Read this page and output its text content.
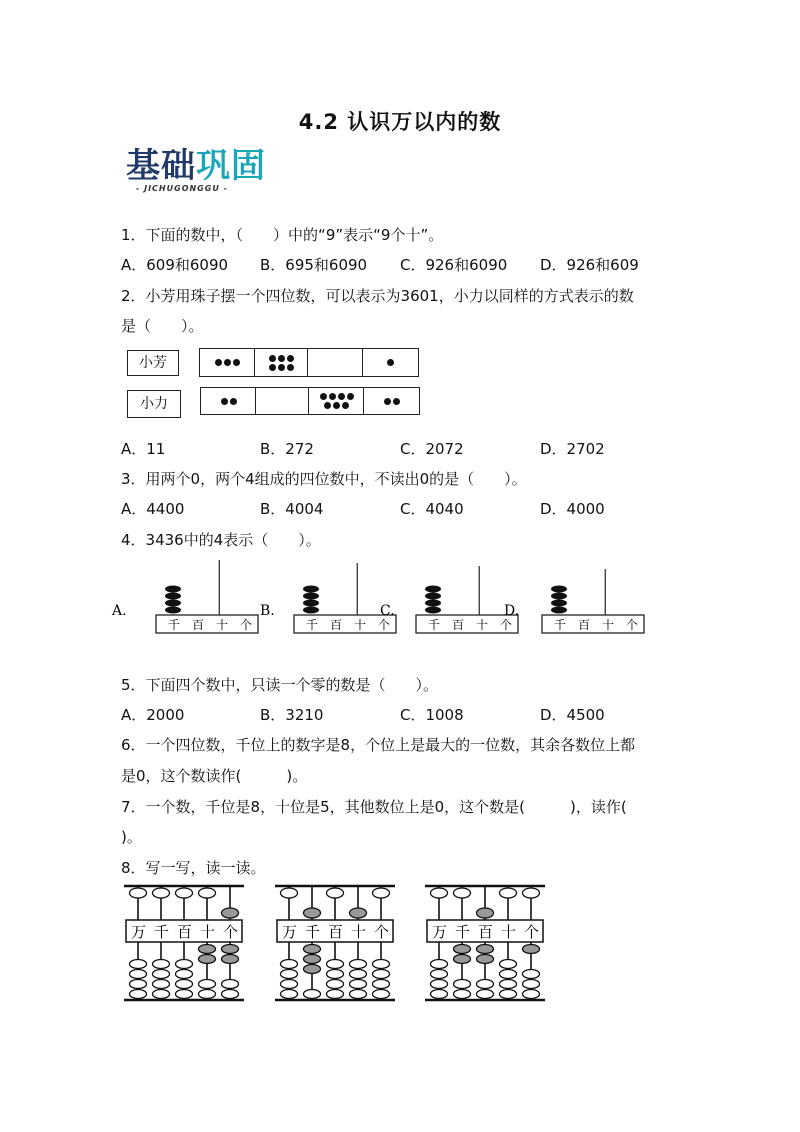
4.2 认识万以内的数
基础巩固
- JICHUGONGGU -
1．下面的数中，（　　）中的“9”表示“9个十”。
A．609和6090 B．695和6090 C．926和6090 D．926和609
2．小芳用珠子摆一个四位数，可以表示为3601，小力以同样的方式表示的数
是（　　）。
小芳
小力
A．11	B．272	C．2072	D．2702
3．用两个0，两个4组成的四位数中，不读出0的是（　　）。
A．4400	B．4004	C．4040	D．4000
4．3436中的4表示（　　）。
A.
千 百 十 个
B.
千 百 十 个
C.
千 百 十 个
D.
千 百 十 个
5．下面四个数中，只读一个零的数是（　　）。
A．2000	B．3210	C．1008	D．4500
6．一个四位数，千位上的数字是8，个位上是最大的一位数，其余各数位上都
是0，这个数读作(　　　)。
7．一个数，千位是8，十位是5，其他数位上是0，这个数是(　　　)，读作(
)。
8．写一写，读一读。
万 千 百 十 个	万 千 百 十 个	万 千 百 十 个
